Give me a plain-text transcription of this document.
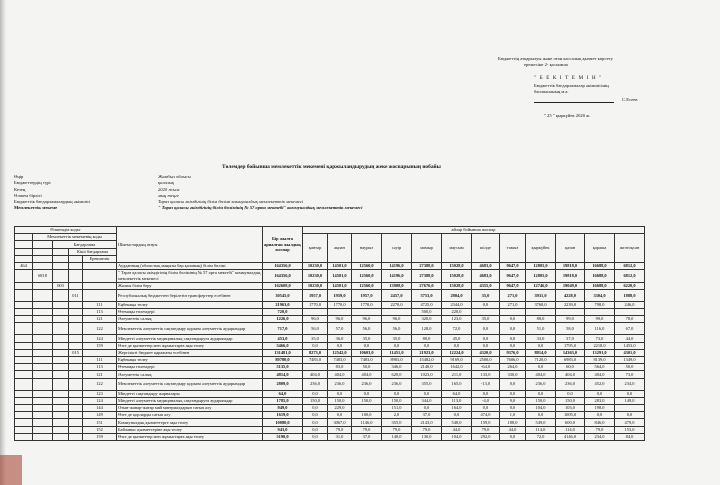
Бюджеттің атқарылуы және оған кассалық қызмет көрсету
ережесіне 2- қосымша
" Б Е К І Т Е М І Н "
Бюджеттік бағдарламалар әкімшісінің
басшысының м.а.
С.Есеев
" 25 " қыркүйек 2020 ж.
Төлемдер бойынша мемлекеттік мекемені қаржыландырудың жеке жоспарының нобайы
Өңір	Жамбыл облысы
Бюджеттердің түрі	қалалық
Кезең	2020 жылғ
Өлшем бірлігі	мың теңге
Бюджеттік бағдарламалардың әкімшісі	Тараз қаласы әкімдігінің білім бөлімі коммуналдық мемлекеттік мекемесі
Мемлекеттік мекеме	" Тараз қаласы әкімдігінің білім бөлімінің № 57 орта мектебі" коммуналдық мемлекеттік мекемесі
Өлшемдік кодьг					Шығыстардың атауы	Бір жылға арналған жылдық жоспар	айлар бойынша жоспар											
	Мемлекеттік мекеменің коды						қантар	ақпан	наурыз	сәуір	мамыр	маусым	шілде	тамыз	қыркүйек	қазан	қараша	желтоқсан
		Бағдарлама																
			Кіші бағдарлама															
				Ерекшелік														
464					Аудданның (облыстық маңызы бар қаланың) білім бөлімі	164356,0	10230,0	14501,0	12560,0	14196,0	27388,0	15028,0	4683,0	9647,0	12805,0	19818,0	16688,0	6812,0
	6818				" Тараз қаласы әкімдігінің білім бөлімінің № 57 орта мектебі" коммуналдық мемлекеттік мекемесі	164356,0	10230,0	14501,0	12560,0	14196,0	27388,0	15028,0	4683,0	9647,0	12805,0	19818,0	16688,0	6812,0
		003			Жалпы білім беру	162608,0	10230,0	14501,0	12560,0	13908,0	27676,0	15028,0	4355,0	9647,0	12746,0	19049,0	16688,0	6220,0
			011		Республикалық бюджеттен берілетін трансферттер есебінен	30545,0	1957,0	1959,0	1957,0	2457,0	5753,0	2804,0	35,0	271,0	3931,0	4228,0	3304,0	1888,0
				111	Еңбекақы төлеу	21963,0	1770,0	1770,0	1770,0	2270,0	4725,0	2344,0	0,0	271,0	3760,0	2239,0	798,0	246,0
				113	Өтемақы төлемдері	720,0					500,0	220,0						
				121	Әлеуметтік салық	1226,0	96,0	96,0	96,0	96,0	320,0	123,0	35,0	0,0	88,0	99,0	99,0	78,0
				122	Мемлекеттік әлеуметтік сақтандыру қорына әлеуметтік аударымдар	717,0	56,0	57,0	56,0	56,0	128,0	72,0	0,0	0,0	51,0	58,0	116,0	67,0
				124	Міндетті әлеуметтік медициналық сақтандыруға аударымдар	453,0	35,0	36,0	35,0	35,0	80,0	45,0	0,0	0,0	33,0	37,0	73,0	44,0
				159	Өзге де қызметтер мен жұмыстарға ақы төлеу	5466,0	0,0	0,0	0,0	0,0	0,0	0,0	0,0	0,0	0,0	1795,0	2218,0	1453,0
			015		Жергілікті бюджет қаражаты есебінен	131481,0	8273,0	12542,0	10603,0	11451,0	21923,0	12224,0	4320,0	9376,0	8814,0	14363,0	13291,0	4301,0
				111	Еңбекақы төлеу	89780,0	7483,0	7483,0	7483,0	8983,0	15482,0	9169,0	2500,0	7606,0	7120,0	6983,0	8139,0	1349,0
				113	Өтемақы төлемдері	5135,0		83,0	50,0	346,0	2140,0	1642,0	-64,0	264,0	0,0	60,0	564,0	50,0
				121	Әлеуметтік салық	4814,0	404,0	404,0	404,0	620,0	1023,0	211,0	133,0	330,0	404,0	404,0	404,0	73,0
				122	Мемлекеттік әлеуметтік сақтандыру қорына әлеуметтік аударымдар	2809,0	236,0	236,0	236,0	236,0	355,0	165,0	-13,0	0,0	236,0	236,0	452,0	234,0
				123	Міндетті сақтандыру жарналары	64,0	0,0	0,0	0,0	0,0	0,0	64,0	0,0	0,0	0,0	0,0	0,0	0,0
				124	Міндетті әлеуметтік медициналық сақтандыруға аударымдар	1785,0	150,0	150,0	150,0	150,0	344,0	113,0	-4,0	9,0	150,0	150,0	283,0	149,0
				144	Отын-жанар-жағар май материалдарын сатып алу	949,0	0,0	229,0		151,0	0,0	164,0	0,0	0,0	104,0	103,0	198,0	
				149	Өзге де қорларды сатып алу	1619,0	0,0	0,0	100,0	2,0	37,0	0,0	474,0	1,0	0,0	1005,0	0,0	0,0
				151	Коммуналдық қызметтерге ақы төлеу	10080,0	0,0	3067,0	1146,0	355,0	2143,0	548,0	159,0	188,0	549,0	600,0	846,0	479,0
				152	Байланыс қызметтеріне ақы төлеу	943,0	0,0	79,0	79,0	79,0	79,0	44,0	79,0	44,0	114,0	114,0	79,0	153,0
				159	Өзге де қызметтер мен жұмыстарға ақы төлеу	5190,0	0,0	31,0	37,0	140,0	130,0	104,0	292,0	0,0	72,0	4146,0	234,0	84,0
